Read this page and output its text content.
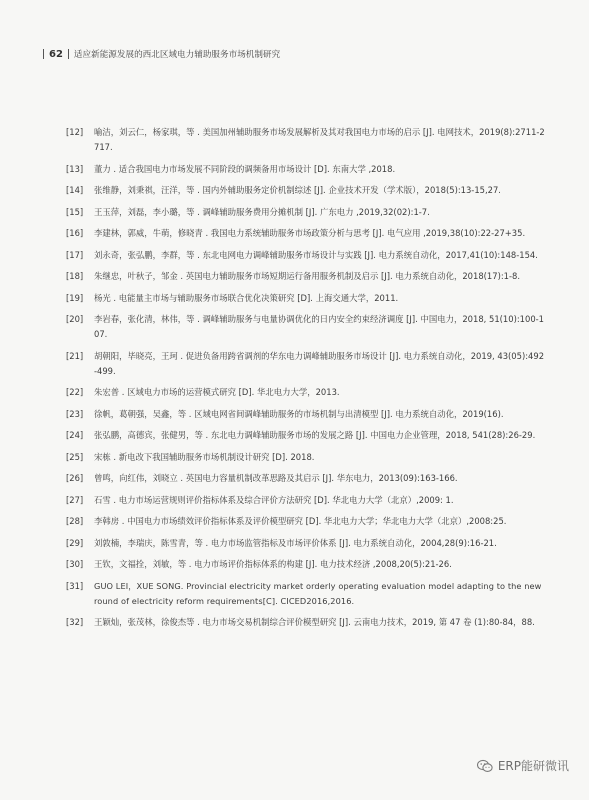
62 适应新能源发展的西北区域电力辅助服务市场机制研究
[12]	喻洁，刘云仁，杨家琪，等 . 美国加州辅助服务市场发展解析及其对我国电力市场的启示 [J]. 电网技术，2019(8):2711-2717.
[13]	董力 . 适合我国电力市场发展不同阶段的调频备用市场设计 [D]. 东南大学 ,2018.
[14]	张维静，刘秉祺，汪洋，等 . 国内外辅助服务定价机制综述 [J]. 企业技术开发（学术版），2018(5):13-15,27.
[15]	王玉萍，刘磊，李小璐，等 . 调峰辅助服务费用分摊机制 [J]. 广东电力 ,2019,32(02):1-7.
[16]	李建林，郭威，牛萌，修晓青 . 我国电力系统辅助服务市场政策分析与思考 [J]. 电气应用 ,2019,38(10):22-27+35.
[17]	刘永奇，张弘鹏，李群，等 . 东北电网电力调峰辅助服务市场设计与实践 [J]. 电力系统自动化，2017,41(10):148-154.
[18]	朱继忠，叶秋子，邹金 . 英国电力辅助服务市场短期运行备用服务机制及启示 [J]. 电力系统自动化，2018(17):1-8.
[19]	杨光 . 电能量主市场与辅助服务市场联合优化决策研究 [D]. 上海交通大学，2011.
[20]	李岩春，张化清，林伟，等 . 调峰辅助服务与电量协调优化的日内安全约束经济调度 [J]. 中国电力，2018, 51(10):100-107.
[21]	胡朝阳，毕晓亮，王珂 . 促进负备用跨省调剂的华东电力调峰辅助服务市场设计 [J]. 电力系统自动化，2019, 43(05):492-499.
[22]	朱宏普 . 区域电力市场的运营模式研究 [D]. 华北电力大学，2013.
[23]	徐帆，葛朝强，吴鑫，等 . 区域电网省间调峰辅助服务的市场机制与出清模型 [J]. 电力系统自动化，2019(16).
[24]	张弘鹏，高德宾，张健男，等 . 东北电力调峰辅助服务市场的发展之路 [J]. 中国电力企业管理，2018, 541(28):26-29.
[25]	宋栋 . 新电改下我国辅助服务市场机制设计研究 [D]. 2018.
[26]	曾鸣，向红伟，刘晓立 . 英国电力容量机制改革思路及其启示 [J]. 华东电力，2013(09):163-166.
[27]	石雪 . 电力市场运营规则评价指标体系及综合评价方法研究 [D]. 华北电力大学（北京）,2009: 1.
[28]	李韩房 . 中国电力市场绩效评价指标体系及评价模型研究 [D]. 华北电力大学；华北电力大学（北京）,2008:25.
[29]	刘敦楠，李瑞庆，陈雪青，等 . 电力市场监管指标及市场评价体系 [J]. 电力系统自动化，2004,28(9):16-21.
[30]	王钦，文福拴，刘敏，等 . 电力市场评价指标体系的构建 [J]. 电力技术经济 ,2008,20(5):21-26.
[31]	GUO LEI，XUE SONG. Provincial electricity market orderly operating evaluation model adapting to the new round of electricity reform requirements[C]. CICED2016,2016.
[32]	王颖灿，张茂林，徐俊杰等 . 电力市场交易机制综合评价模型研究 [J]. 云南电力技术，2019, 第 47 卷 (1):80-84，88.
ERP能研微讯
